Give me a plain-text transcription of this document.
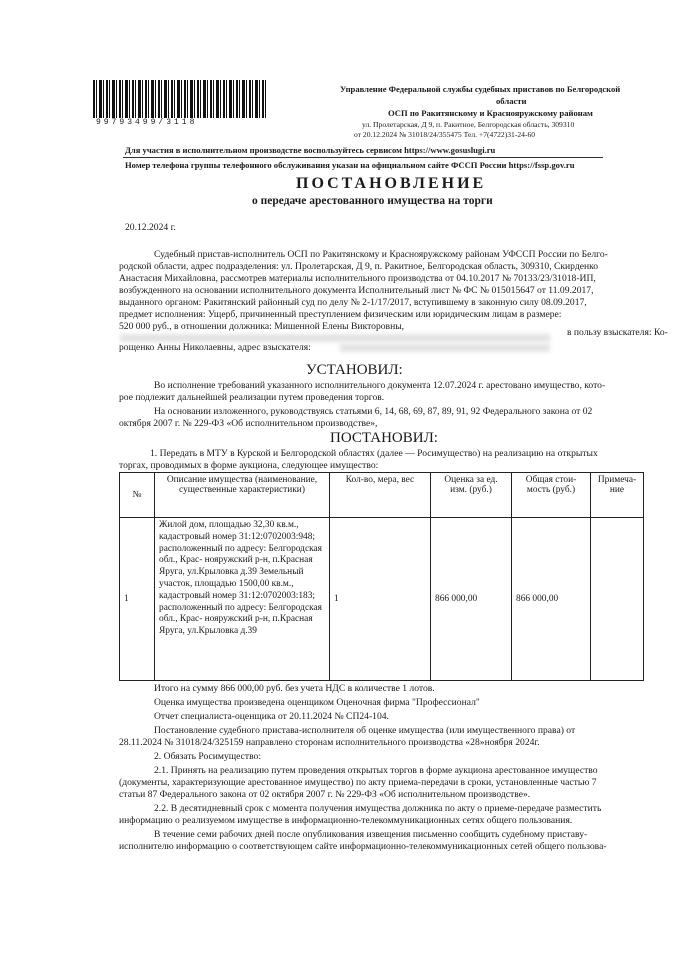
99793499/3118
Управление Федеральной службы судебных приставов по Белгородской
области
ОСП по Ракитянскому и Краснояружскому районам
ул. Пролетарская, Д 9, п. Ракитное, Белгородская область, 309310
от 20.12.2024 № 31018/24/355475 Тел. +7(4722)31-24-60
Для участия в исполнительном производстве воспользуйтесь сервисом https://www.gosuslugi.ru
Номер телефона группы телефонного обслуживания указан на официальном сайте ФССП России https://fssp.gov.ru
ПОСТАНОВЛЕНИЕ
о передаче арестованного имущества на торги
20.12.2024 г.
Судебный пристав-исполнитель ОСП по Ракитянскому и Краснояружскому районам УФССП России по Белго-
родской области, адрес подразделения: ул. Пролетарская, Д 9, п. Ракитное, Белгородская область, 309310, Скирденко
Анастасия Михайловна, рассмотрев материалы исполнительного производства от 04.10.2017 № 70133/23/31018-ИП,
возбужденного на основании исполнительного документа Исполнительный лист № ФС № 015015647 от 11.09.2017,
выданного органом: Ракитянский районный суд по делу № 2-1/17/2017, вступившему в законную силу 08.09.2017,
предмет исполнения: Ущерб, причиненный преступлением физическим или юридическим лицам в размере:
520 000 руб., в отношении должника: Мишенной Елены Викторовны,
в пользу взыскателя: Ко-
рощенко Анны Николаевны, адрес взыскателя:
УСТАНОВИЛ:
Во исполнение требований указанного исполнительного документа 12.07.2024 г. арестовано имущество, кото-
рое подлежит дальнейшей реализации путем проведения торгов.
На основании изложенного, руководствуясь статьями 6, 14, 68, 69, 87, 89, 91, 92 Федерального закона от 02
октября 2007 г. № 229-ФЗ «Об исполнительном производстве»,
ПОСТАНОВИЛ:
1. Передать в МТУ в Курской и Белгородской областях (далее — Росимущество) на реализацию на открытых
торгах, проводимых в форме аукциона, следующее имущество:
№	Описание имущества (наименование, существенные характеристики)	Кол-во, мера, вес	Оценка за ед. изм. (руб.)	Общая стои- мость (руб.)	Примеча- ние
1	Жилой дом, площадью 32,30 кв.м., кадастровый номер 31:12:0702003:948; расположенный по адресу: Белгородская обл., Крас- нояружский р-н, п.Красная Яруга, ул.Крыловка д.39 Земельный участок, площадью 1500,00 кв.м., кадастровый номер 31:12:0702003:183; расположенный по адресу: Белгородская обл., Крас- нояружский р-н, п.Красная Яруга, ул.Крыловка д.39	1	866 000,00	866 000,00	
Итого на сумму 866 000,00 руб. без учета НДС в количестве 1 лотов.
Оценка имущества произведена оценщиком Оценочная фирма "Профессионал"
Отчет специалиста-оценщика от 20.11.2024 № СП24-104.
Постановление судебного пристава-исполнителя об оценке имущества (или имущественного права) от
28.11.2024 № 31018/24/325159 направлено сторонам исполнительного производства «28»ноября 2024г.
2. Обязать Росимущество:
2.1. Принять на реализацию путем проведения открытых торгов в форме аукциона арестованное имущество
(документы, характеризующие арестованное имущество) по акту приема-передачи в сроки, установленные частью 7
статьи 87 Федерального закона от 02 октября 2007 г. № 229-ФЗ «Об исполнительном производстве».
2.2. В десятидневный срок с момента получения имущества должника по акту о приеме-передаче разместить
информацию о реализуемом имуществе в информационно-телекоммуникационных сетях общего пользования.
В течение семи рабочих дней после опубликования извещения письменно сообщить судебному приставу-
исполнителю информацию о соответствующем сайте информационно-телекоммуникационных сетей общего пользова-
